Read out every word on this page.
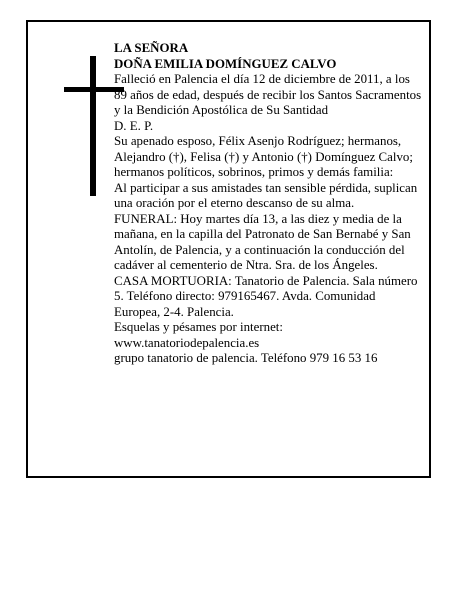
LA SEÑORA

DOÑA EMILIA DOMÍNGUEZ CALVO

Falleció en Palencia el día 12 de diciembre de 2011, a los 89 años de edad, después de recibir los Santos Sacramentos y la Bendición Apostólica de Su Santidad

D. E. P.

Su apenado esposo, Félix Asenjo Rodríguez; hermanos, Alejandro (†), Felisa (†) y Antonio (†) Domínguez Calvo; hermanos políticos, sobrinos, primos y demás familia:

Al participar a sus amistades tan sensible pérdida, suplican una oración por el eterno descanso de su alma.

FUNERAL: Hoy martes día 13, a las diez y media de la mañana, en la capilla del Patronato de San Bernabé y San Antolín, de Palencia, y a continuación la conducción del cadáver al cementerio de Ntra. Sra. de los Ángeles.

CASA MORTUORIA: Tanatorio de Palencia. Sala número 5. Teléfono directo: 979165467. Avda. Comunidad Europea, 2-4. Palencia.

Esquelas y pésames por internet:

www.tanatoriodepalencia.es

grupo tanatorio de palencia. Teléfono 979 16 53 16
